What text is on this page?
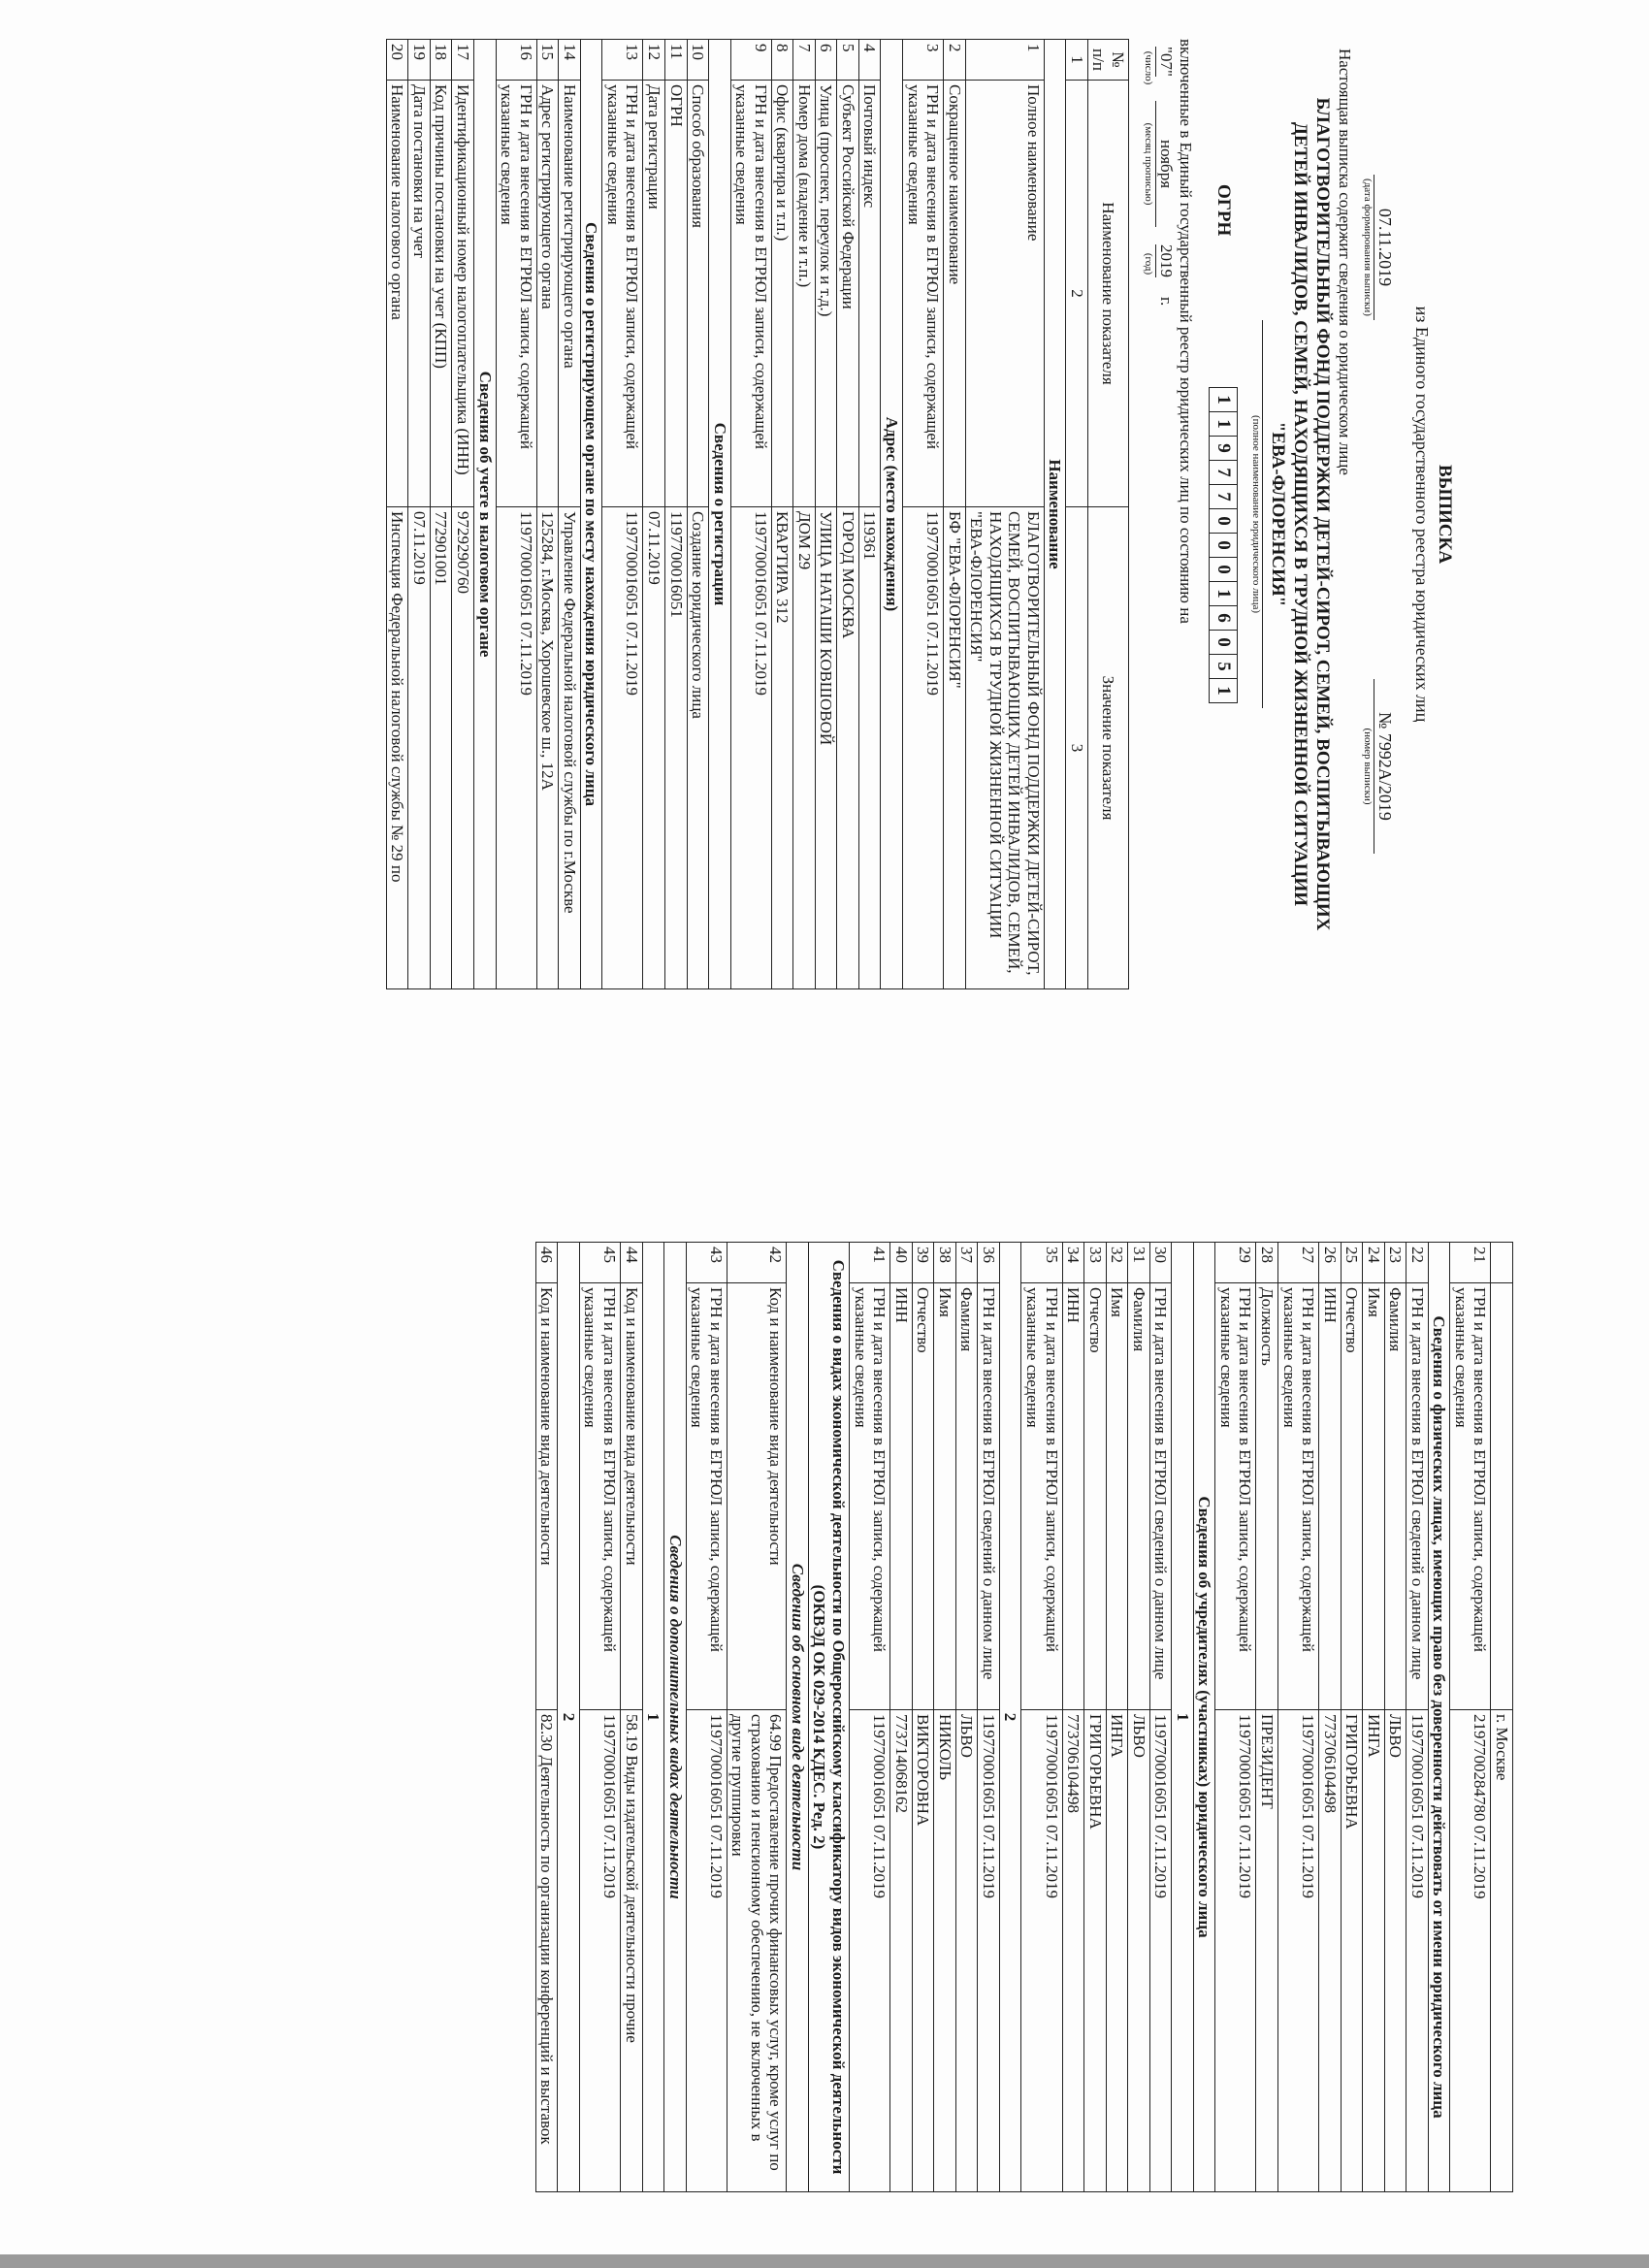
ВЫПИСКА
из Единого государственного реестра юридических лиц
07.11.2019
(дата формирования выписки)
№ 7992А/2019
(номер выписки)
Настоящая выписка содержит сведения о юридическом лице
БЛАГОТВОРИТЕЛЬНЫЙ ФОНД ПОДДЕРЖКИ ДЕТЕЙ-СИРОТ, СЕМЕЙ, ВОСПИТЫВАЮЩИХ
ДЕТЕЙ ИНВАЛИДОВ, СЕМЕЙ, НАХОДЯЩИХСЯ В ТРУДНОЙ ЖИЗНЕННОЙ СИТУАЦИИ
"ЕВА-ФЛОРЕНСИЯ"
(полное наименование юридического лица)
ОГРН
1
1
9
7
7
0
0
0
1
6
0
5
1
включенные в Единый государственный реестр юридических лиц по состоянию на
"07"
ноября
2019
г.
(число)
(месяц прописью)
(год)
№ п/п	Наименование показателя	Значение показателя
1	2	3
Наименование		
1	Полное наименование	БЛАГОТВОРИТЕЛЬНЫЙ ФОНД ПОДДЕРЖКИ ДЕТЕЙ-СИРОТ, СЕМЕЙ, ВОСПИТЫВАЮЩИХ ДЕТЕЙ ИНВАЛИДОВ, СЕМЕЙ, НАХОДЯЩИХСЯ В ТРУДНОЙ ЖИЗНЕННОЙ СИТУАЦИИ "ЕВА-ФЛОРЕНСИЯ"
2	Сокращенное наименование	БФ "ЕВА-ФЛОРЕНСИЯ"
3	ГРН и дата внесения в ЕГРЮЛ записи, содержащей указанные сведения	1197700016051 07.11.2019
Адрес (место нахождения)		
4	Почтовый индекс	119361
5	Субъект Российской Федерации	ГОРОД МОСКВА
6	Улица (проспект, переулок и т.д.)	УЛИЦА НАТАШИ КОВШОВОЙ
7	Номер дома (владение и т.п.)	ДОМ 29
8	Офис (квартира и т.п.)	КВАРТИРА 312
9	ГРН и дата внесения в ЕГРЮЛ записи, содержащей указанные сведения	1197700016051 07.11.2019
Сведения о регистрации		
10	Способ образования	Создание юридического лица
11	ОГРН	1197700016051
12	Дата регистрации	07.11.2019
13	ГРН и дата внесения в ЕГРЮЛ записи, содержащей указанные сведения	1197700016051 07.11.2019
Сведения о регистрирующем органе по месту нахождения юридического лица		
14	Наименование регистрирующего органа	Управление Федеральной налоговой службы по г.Москве
15	Адрес регистрирующего органа	125284, г.Москва, Хорошевское ш., 12А
16	ГРН и дата внесения в ЕГРЮЛ записи, содержащей указанные сведения	1197700016051 07.11.2019
Сведения об учете в налоговом органе		
17	Идентификационный номер налогоплательщика (ИНН)	9729290760
18	Код причины постановки на учет (КПП)	772901001
19	Дата постановки на учет	07.11.2019
20	Наименование налогового органа	Инспекция Федеральной налоговой службы № 29 по
		г. Москве
21	ГРН и дата внесения в ЕГРЮЛ записи, содержащей указанные сведения	2197700284780 07.11.2019
Сведения о физических лицах, имеющих право без доверенности действовать от имени юридического лица		
22	ГРН и дата внесения в ЕГРЮЛ сведений о данном лице	1197700016051 07.11.2019
23	Фамилия	ЛЬВО
24	Имя	ИНГА
25	Отчество	ГРИГОРЬЕВНА
26	ИНН	773706104498
27	ГРН и дата внесения в ЕГРЮЛ записи, содержащей указанные сведения	1197700016051 07.11.2019
28	Должность	ПРЕЗИДЕНТ
29	ГРН и дата внесения в ЕГРЮЛ записи, содержащей указанные сведения	1197700016051 07.11.2019
Сведения об учредителях (участниках) юридического лица		
1		
30	ГРН и дата внесения в ЕГРЮЛ сведений о данном лице	1197700016051 07.11.2019
31	Фамилия	ЛЬВО
32	Имя	ИНГА
33	Отчество	ГРИГОРЬЕВНА
34	ИНН	773706104498
35	ГРН и дата внесения в ЕГРЮЛ записи, содержащей указанные сведения	1197700016051 07.11.2019
2		
36	ГРН и дата внесения в ЕГРЮЛ сведений о данном лице	1197700016051 07.11.2019
37	Фамилия	ЛЬВО
38	Имя	НИКОЛЬ
39	Отчество	ВИКТОРОВНА
40	ИНН	773714068162
41	ГРН и дата внесения в ЕГРЮЛ записи, содержащей указанные сведения	1197700016051 07.11.2019
Сведения о видах экономической деятельности по Общероссийскому классификатору видов экономической деятельности (ОКВЭД ОК 029-2014 КДЕС. Ред. 2)		
Сведения об основном виде деятельности		
42	Код и наименование вида деятельности	64.99 Предоставление прочих финансовых услуг, кроме услуг по страхованию и пенсионному обеспечению, не включенных в другие группировки
43	ГРН и дата внесения в ЕГРЮЛ записи, содержащей указанные сведения	1197700016051 07.11.2019
Сведения о дополнительных видах деятельности		
1		
44	Код и наименование вида деятельности	58.19 Виды издательской деятельности прочие
45	ГРН и дата внесения в ЕГРЮЛ записи, содержащей указанные сведения	1197700016051 07.11.2019
2		
46	Код и наименование вида деятельности	82.30 Деятельность по организации конференций и выставок
